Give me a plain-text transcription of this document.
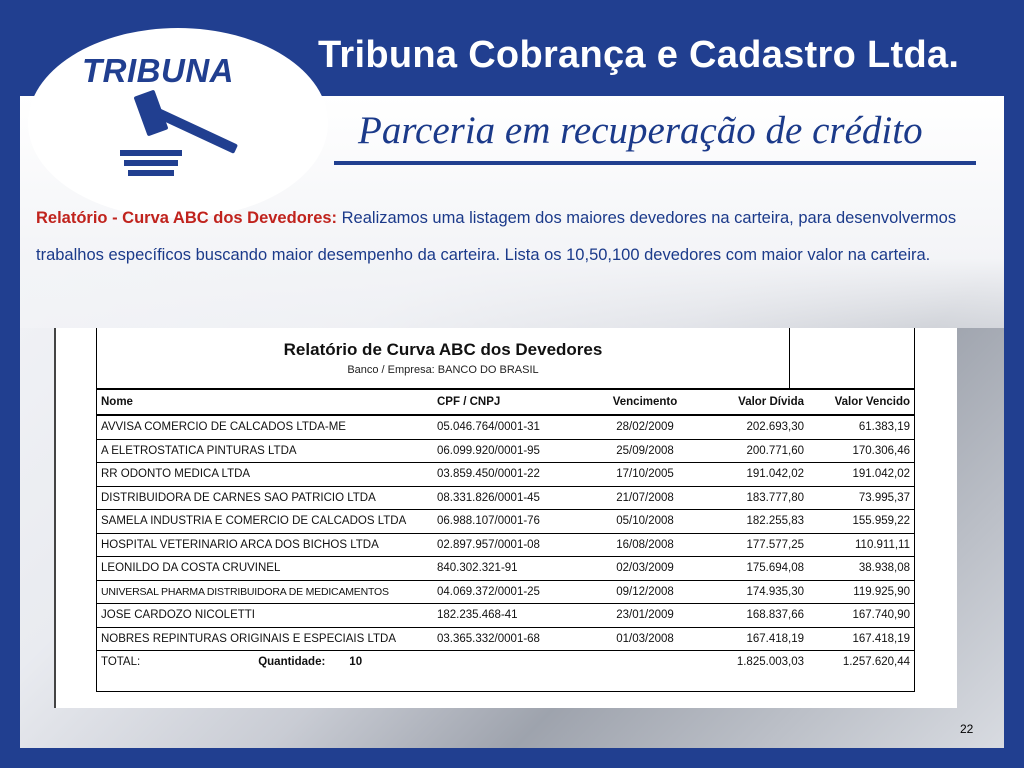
TRIBUNA Tribuna Cobrança e Cadastro Ltda.
Parceria em recuperação de crédito
Relatório - Curva ABC dos Devedores: Realizamos uma listagem dos maiores devedores na carteira, para desenvolvermos trabalhos específicos buscando maior desempenho da carteira. Lista os 10,50,100 devedores com maior valor na carteira.
Relatório de Curva ABC dos Devedores
Banco / Empresa: BANCO DO BRASIL
Nome	CPF / CNPJ	Vencimento	Valor Dívida	Valor Vencido
AVVISA COMERCIO DE CALCADOS LTDA-ME	05.046.764/0001-31	28/02/2009	202.693,30	61.383,19
A ELETROSTATICA PINTURAS LTDA	06.099.920/0001-95	25/09/2008	200.771,60	170.306,46
RR ODONTO MEDICA LTDA	03.859.450/0001-22	17/10/2005	191.042,02	191.042,02
DISTRIBUIDORA DE CARNES SAO PATRICIO LTDA	08.331.826/0001-45	21/07/2008	183.777,80	73.995,37
SAMELA INDUSTRIA E COMERCIO DE CALCADOS LTDA	06.988.107/0001-76	05/10/2008	182.255,83	155.959,22
HOSPITAL VETERINARIO ARCA DOS BICHOS LTDA	02.897.957/0001-08	16/08/2008	177.577,25	110.911,11
LEONILDO DA COSTA CRUVINEL	840.302.321-91	02/03/2009	175.694,08	38.938,08
UNIVERSAL PHARMA DISTRIBUIDORA DE MEDICAMENTOS	04.069.372/0001-25	09/12/2008	174.935,30	119.925,90
JOSE CARDOZO NICOLETTI	182.235.468-41	23/01/2009	168.837,66	167.740,90
NOBRES REPINTURAS ORIGINAIS E ESPECIAIS LTDA	03.365.332/0001-68	01/03/2008	167.418,19	167.418,19
TOTAL: Quantidade: 10			1.825.003,03	1.257.620,44
22
